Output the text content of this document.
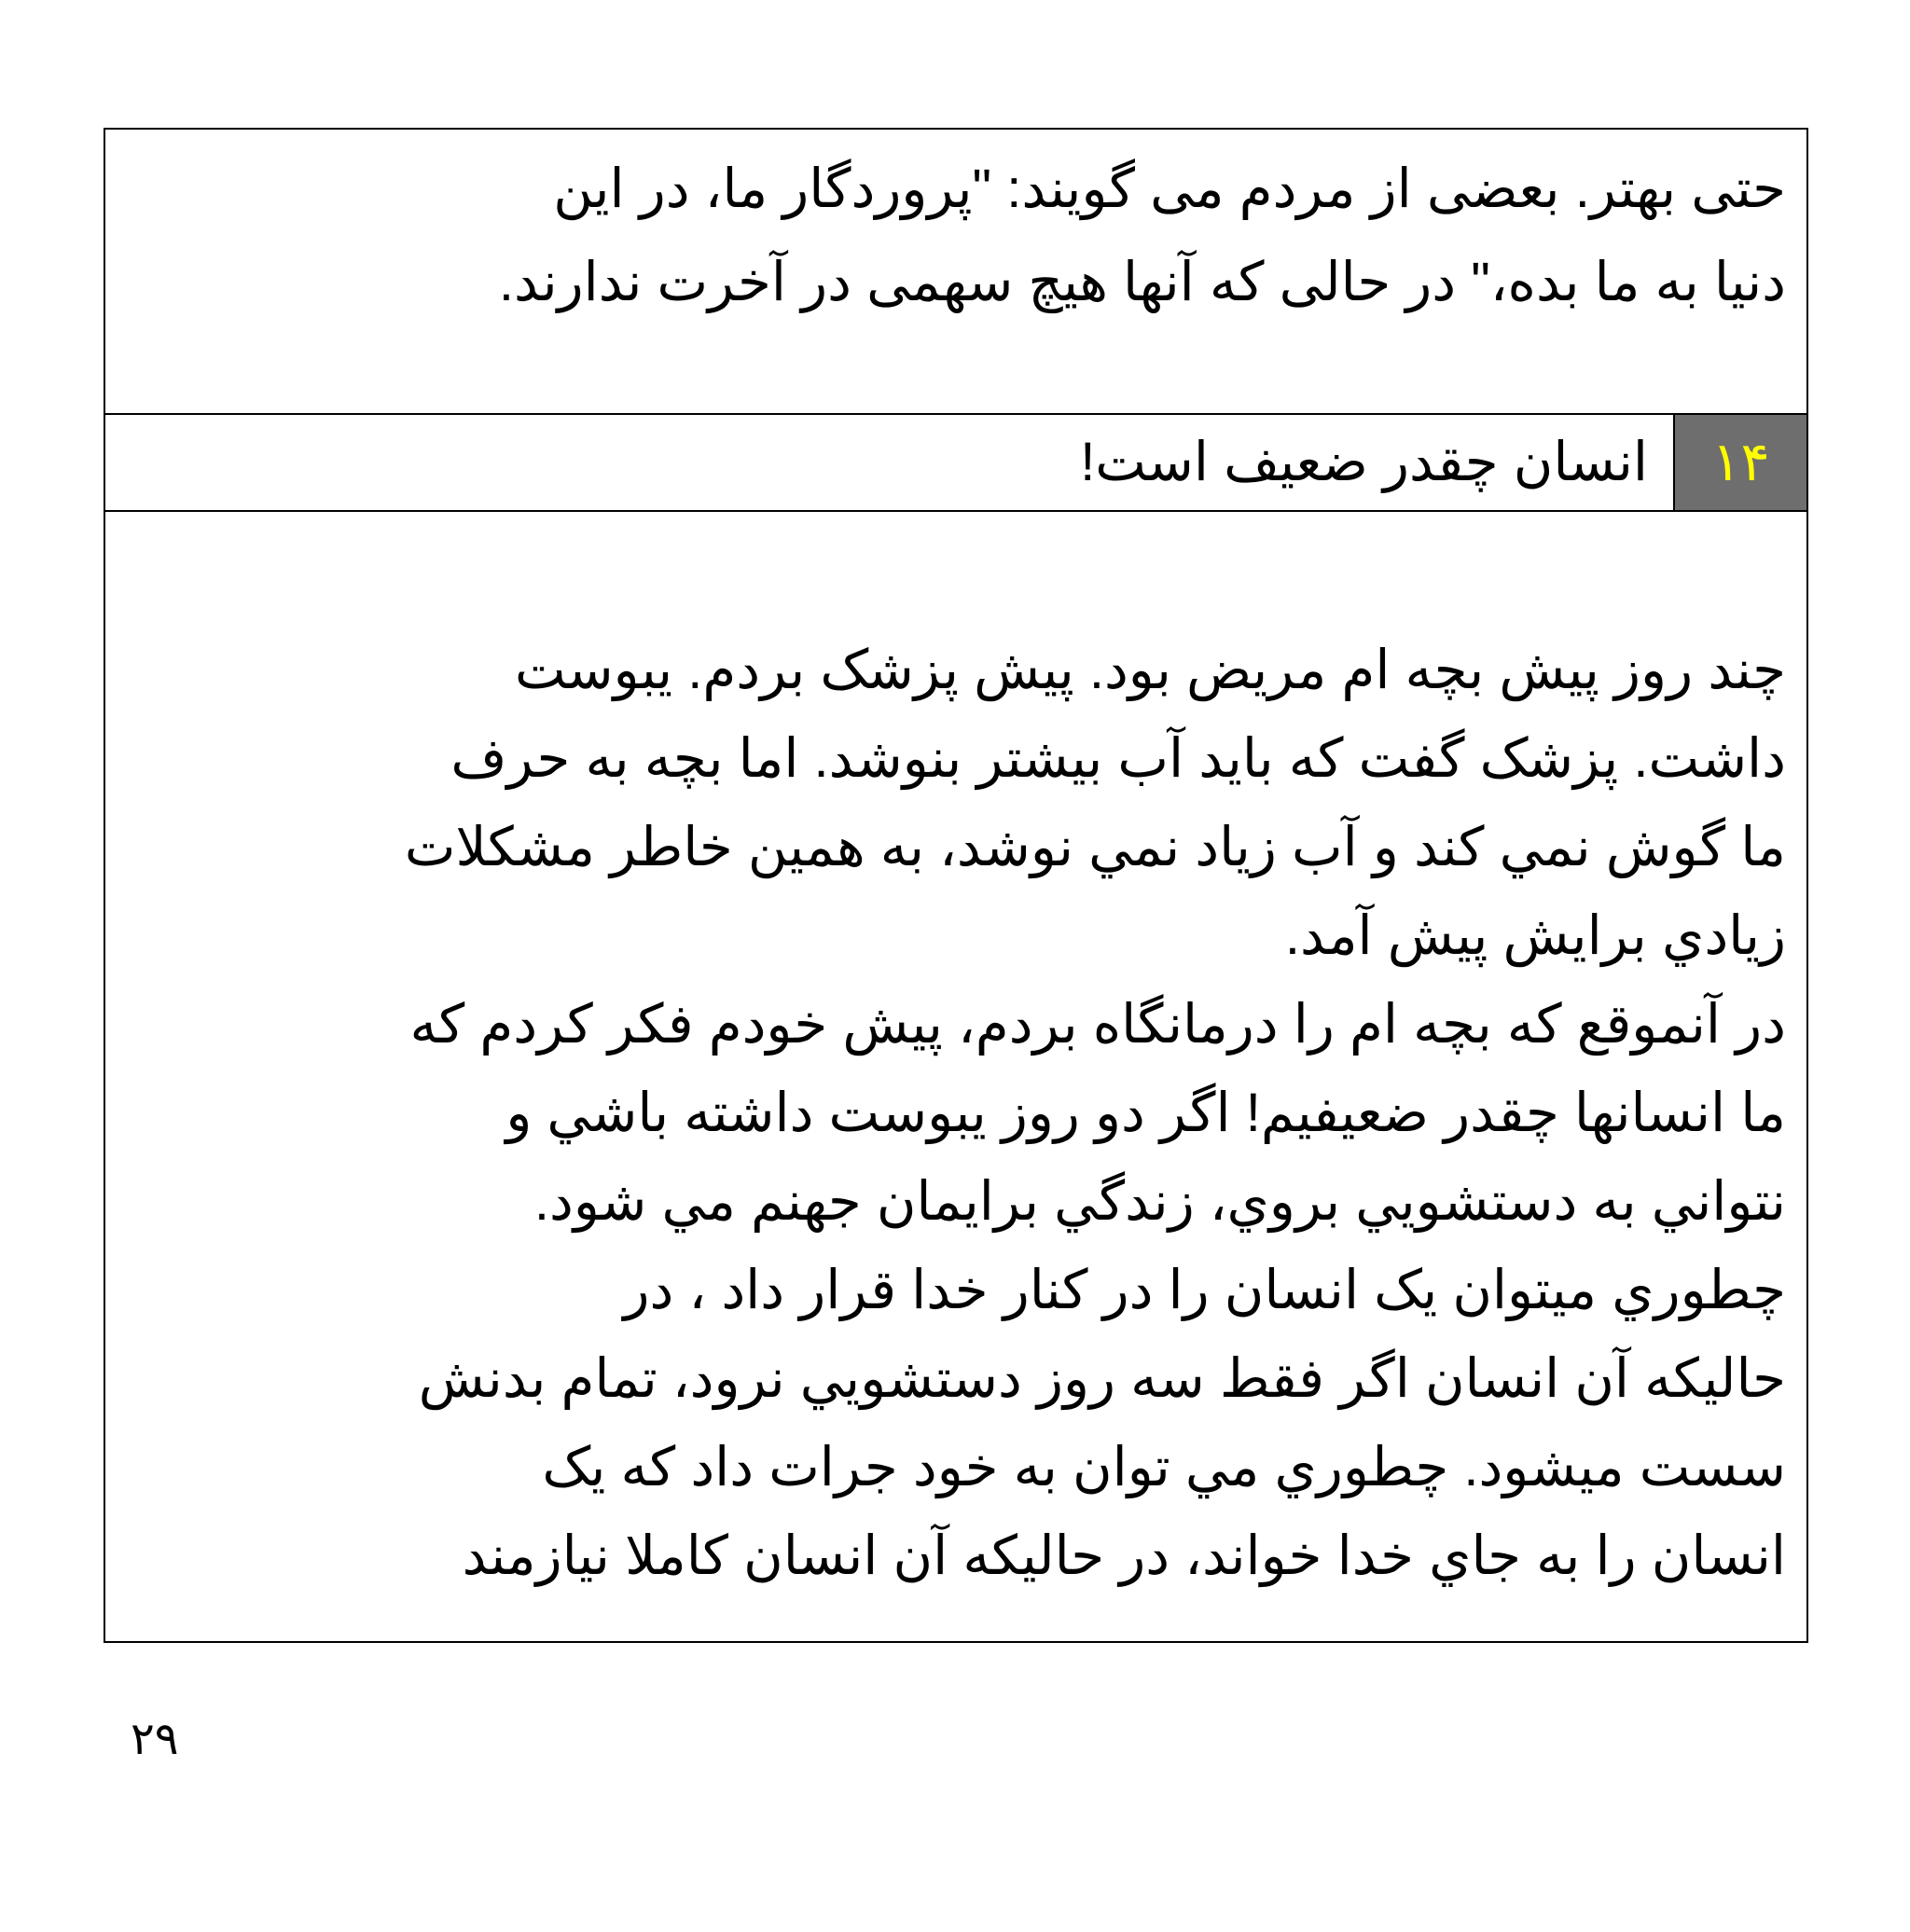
حتی بهتر. بعضی از مردم می گویند: "پروردگار ما، در این
دنیا به ما بده،" در حالی که آنها هیچ سهمی در آخرت ندارند.

۱۴
انسان چقدر ضعیف است!

چند روز پیش بچه ام مریض بود. پیش پزشک بردم. یبوست
داشت. پزشک گفت که باید آب بیشتر بنوشد. اما بچه به حرف
ما گوش نمي کند و آب زیاد نمي نوشد، به همین خاطر مشکلات
زیادي برایش پیش آمد.

در آنموقع که بچه ام را درمانگاه بردم، پیش خودم فکر کردم که
ما انسانها چقدر ضعیفیم! اگر دو روز یبوست داشته باشي و
نتواني به دستشویي بروي، زندگي برایمان جهنم مي شود.

چطوري میتوان یک انسان را در کنار خدا قرار داد ، در
حالیکه آن انسان اگر فقط سه روز دستشویي نرود، تمام بدنش
سست میشود. چطوري مي توان به خود جرات داد که یک
انسان را به جاي خدا خواند، در حالیکه آن انسان کاملا نیازمند

۲۹
